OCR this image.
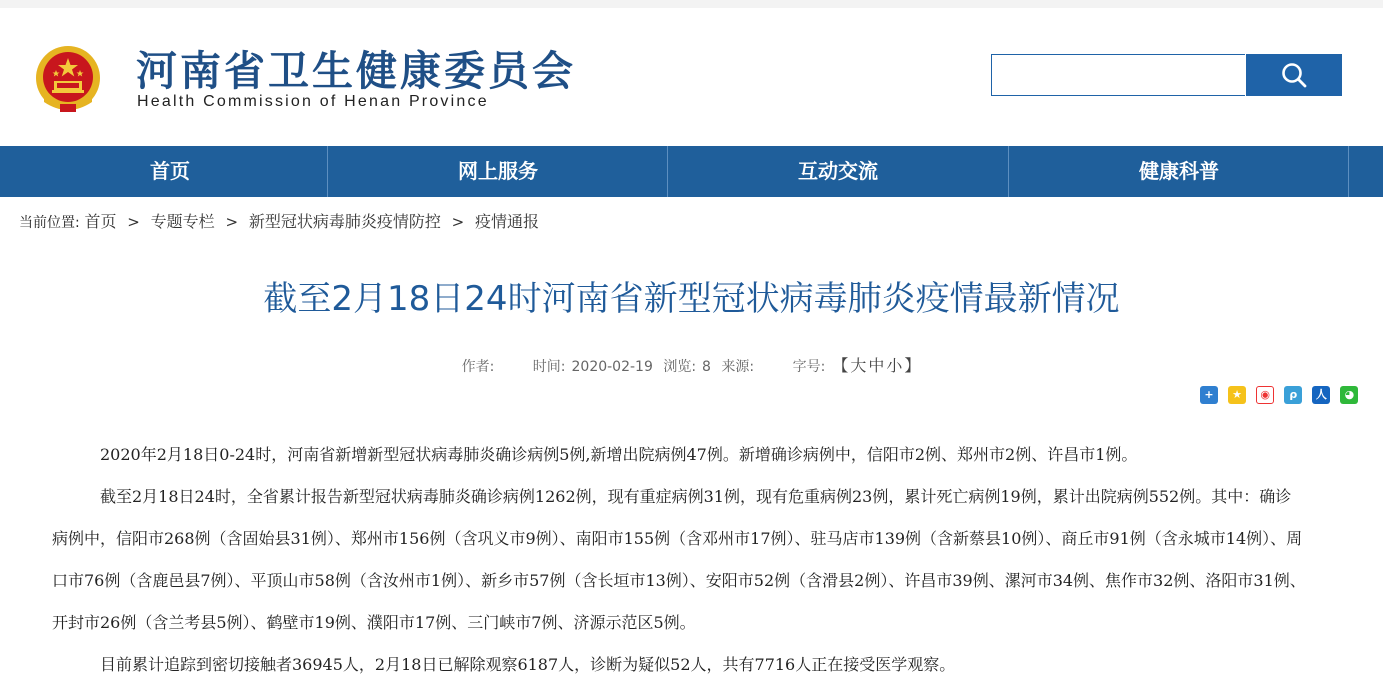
河南省卫生健康委员会
Health Commission of Henan Province
首页	网上服务	互动交流	健康科普
当前位置: 首页 > 专题专栏 > 新型冠状病毒肺炎疫情防控 > 疫情通报
截至2月18日24时河南省新型冠状病毒肺炎疫情最新情况
作者:	时间: 2020-02-19 浏览: 8 来源:	字号: 【 大 中 小 】
+ ★ ◉ ρ 人 ◕

2020年2月18日0-24时，河南省新增新型冠状病毒肺炎确诊病例5例,新增出院病例47例。新增确诊病例中，信阳市2例、郑州市2例、许昌市1例。

截至2月18日24时，全省累计报告新型冠状病毒肺炎确诊病例1262例，现有重症病例31例，现有危重病例23例，累计死亡病例19例，累计出院病例552例。其中：确诊病例中，信阳市268例（含固始县31例）、郑州市156例（含巩义市9例）、南阳市155例（含邓州市17例）、驻马店市139例（含新蔡县10例）、商丘市91例（含永城市14例）、周口市76例（含鹿邑县7例）、平顶山市58例（含汝州市1例）、新乡市57例（含长垣市13例）、安阳市52例（含滑县2例）、许昌市39例、漯河市34例、焦作市32例、洛阳市31例、开封市26例（含兰考县5例）、鹤壁市19例、濮阳市17例、三门峡市7例、济源示范区5例。

目前累计追踪到密切接触者36945人，2月18日已解除观察6187人，诊断为疑似52人，共有7716人正在接受医学观察。
